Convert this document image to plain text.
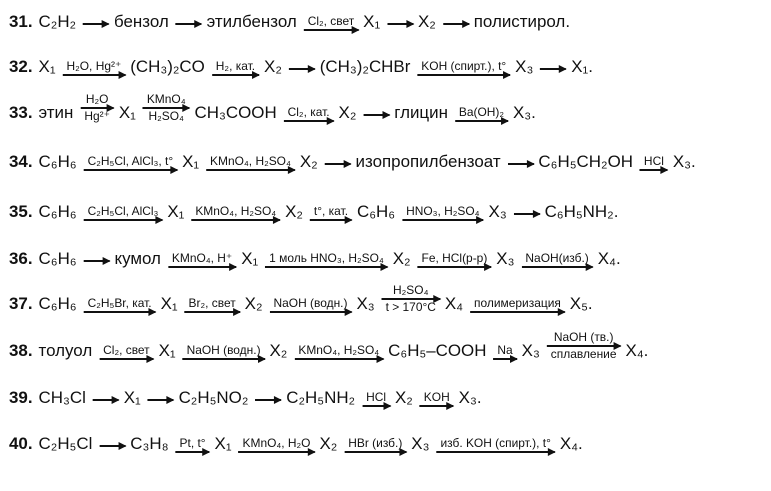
31. C₂H₂ бензол этилбензол Cl₂, свет X₁ X₂ полистирол.
32. X₁ H₂O, Hg²⁺ (CH₃)₂CO H₂, кат. X₂ (CH₃)₂CHBr KOH (спирт.), t° X₃ X₁.
33. этин
H₂O
Hg²⁺ X₁
KMnO₄
H₂SO₄ CH₃COOH Cl₂, кат. X₂ глицин Ba(OH)₂ X₃.
34. C₆H₆ C₂H₅Cl, AlCl₃, t° X₁ KMnO₄, H₂SO₄ X₂ изопропилбензоат C₆H₅CH₂OH HCl X₃.
35. C₆H₆ C₂H₅Cl, AlCl₃ X₁ KMnO₄, H₂SO₄ X₂ t°, кат. C₆H₆ HNO₃, H₂SO₄ X₃ C₆H₅NH₂.
36. C₆H₆ кумол KMnO₄, H⁺ X₁ 1 моль HNO₃, H₂SO₄ X₂ Fe, HCl(р-р) X₃ NaOH(изб.) X₄.
37. C₆H₆ C₂H₅Br, кат. X₁ Br₂, свет X₂ NaOH (водн.) X₃
H₂SO₄
t > 170°C X₄ полимеризация X₅.
38. толуол Cl₂, свет X₁ NaOH (водн.) X₂ KMnO₄, H₂SO₄ C₆H₅–COOH Na X₃
NaOH (тв.)
сплавление X₄.
39. CH₃Cl X₁ C₂H₅NO₂ C₂H₅NH₂ HCl X₂ KOH X₃.
40. C₂H₅Cl C₃H₈ Pt, t° X₁ KMnO₄, H₂O X₂ HBr (изб.) X₃ изб. KOH (спирт.), t° X₄.
